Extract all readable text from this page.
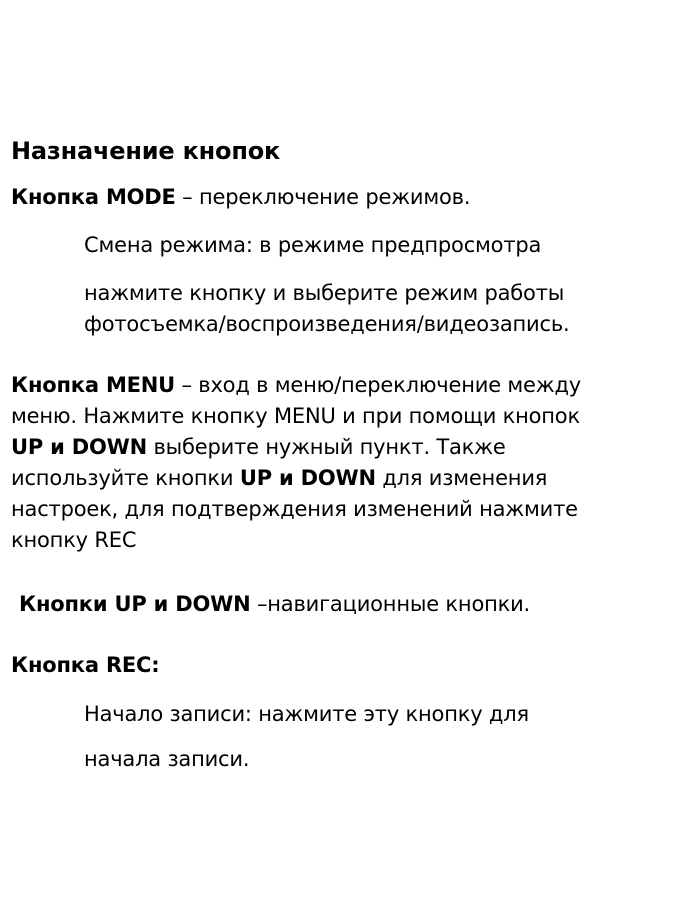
Назначение кнопок
Кнопка MODE – переключение режимов.
Смена режима: в режиме предпросмотра
нажмите кнопку и выберите режим работы
фотосъемка/воспроизведения/видеозапись.
Кнопка MENU – вход в меню/переключение между
меню. Нажмите кнопку MENU и при помощи кнопок
UP и DOWN выберите нужный пункт. Также
используйте кнопки UP и DOWN для изменения
настроек, для подтверждения изменений нажмите
кнопку REC
Кнопки UP и DOWN –навигационные кнопки.
Кнопка REC:
Начало записи: нажмите эту кнопку для
начала записи.
